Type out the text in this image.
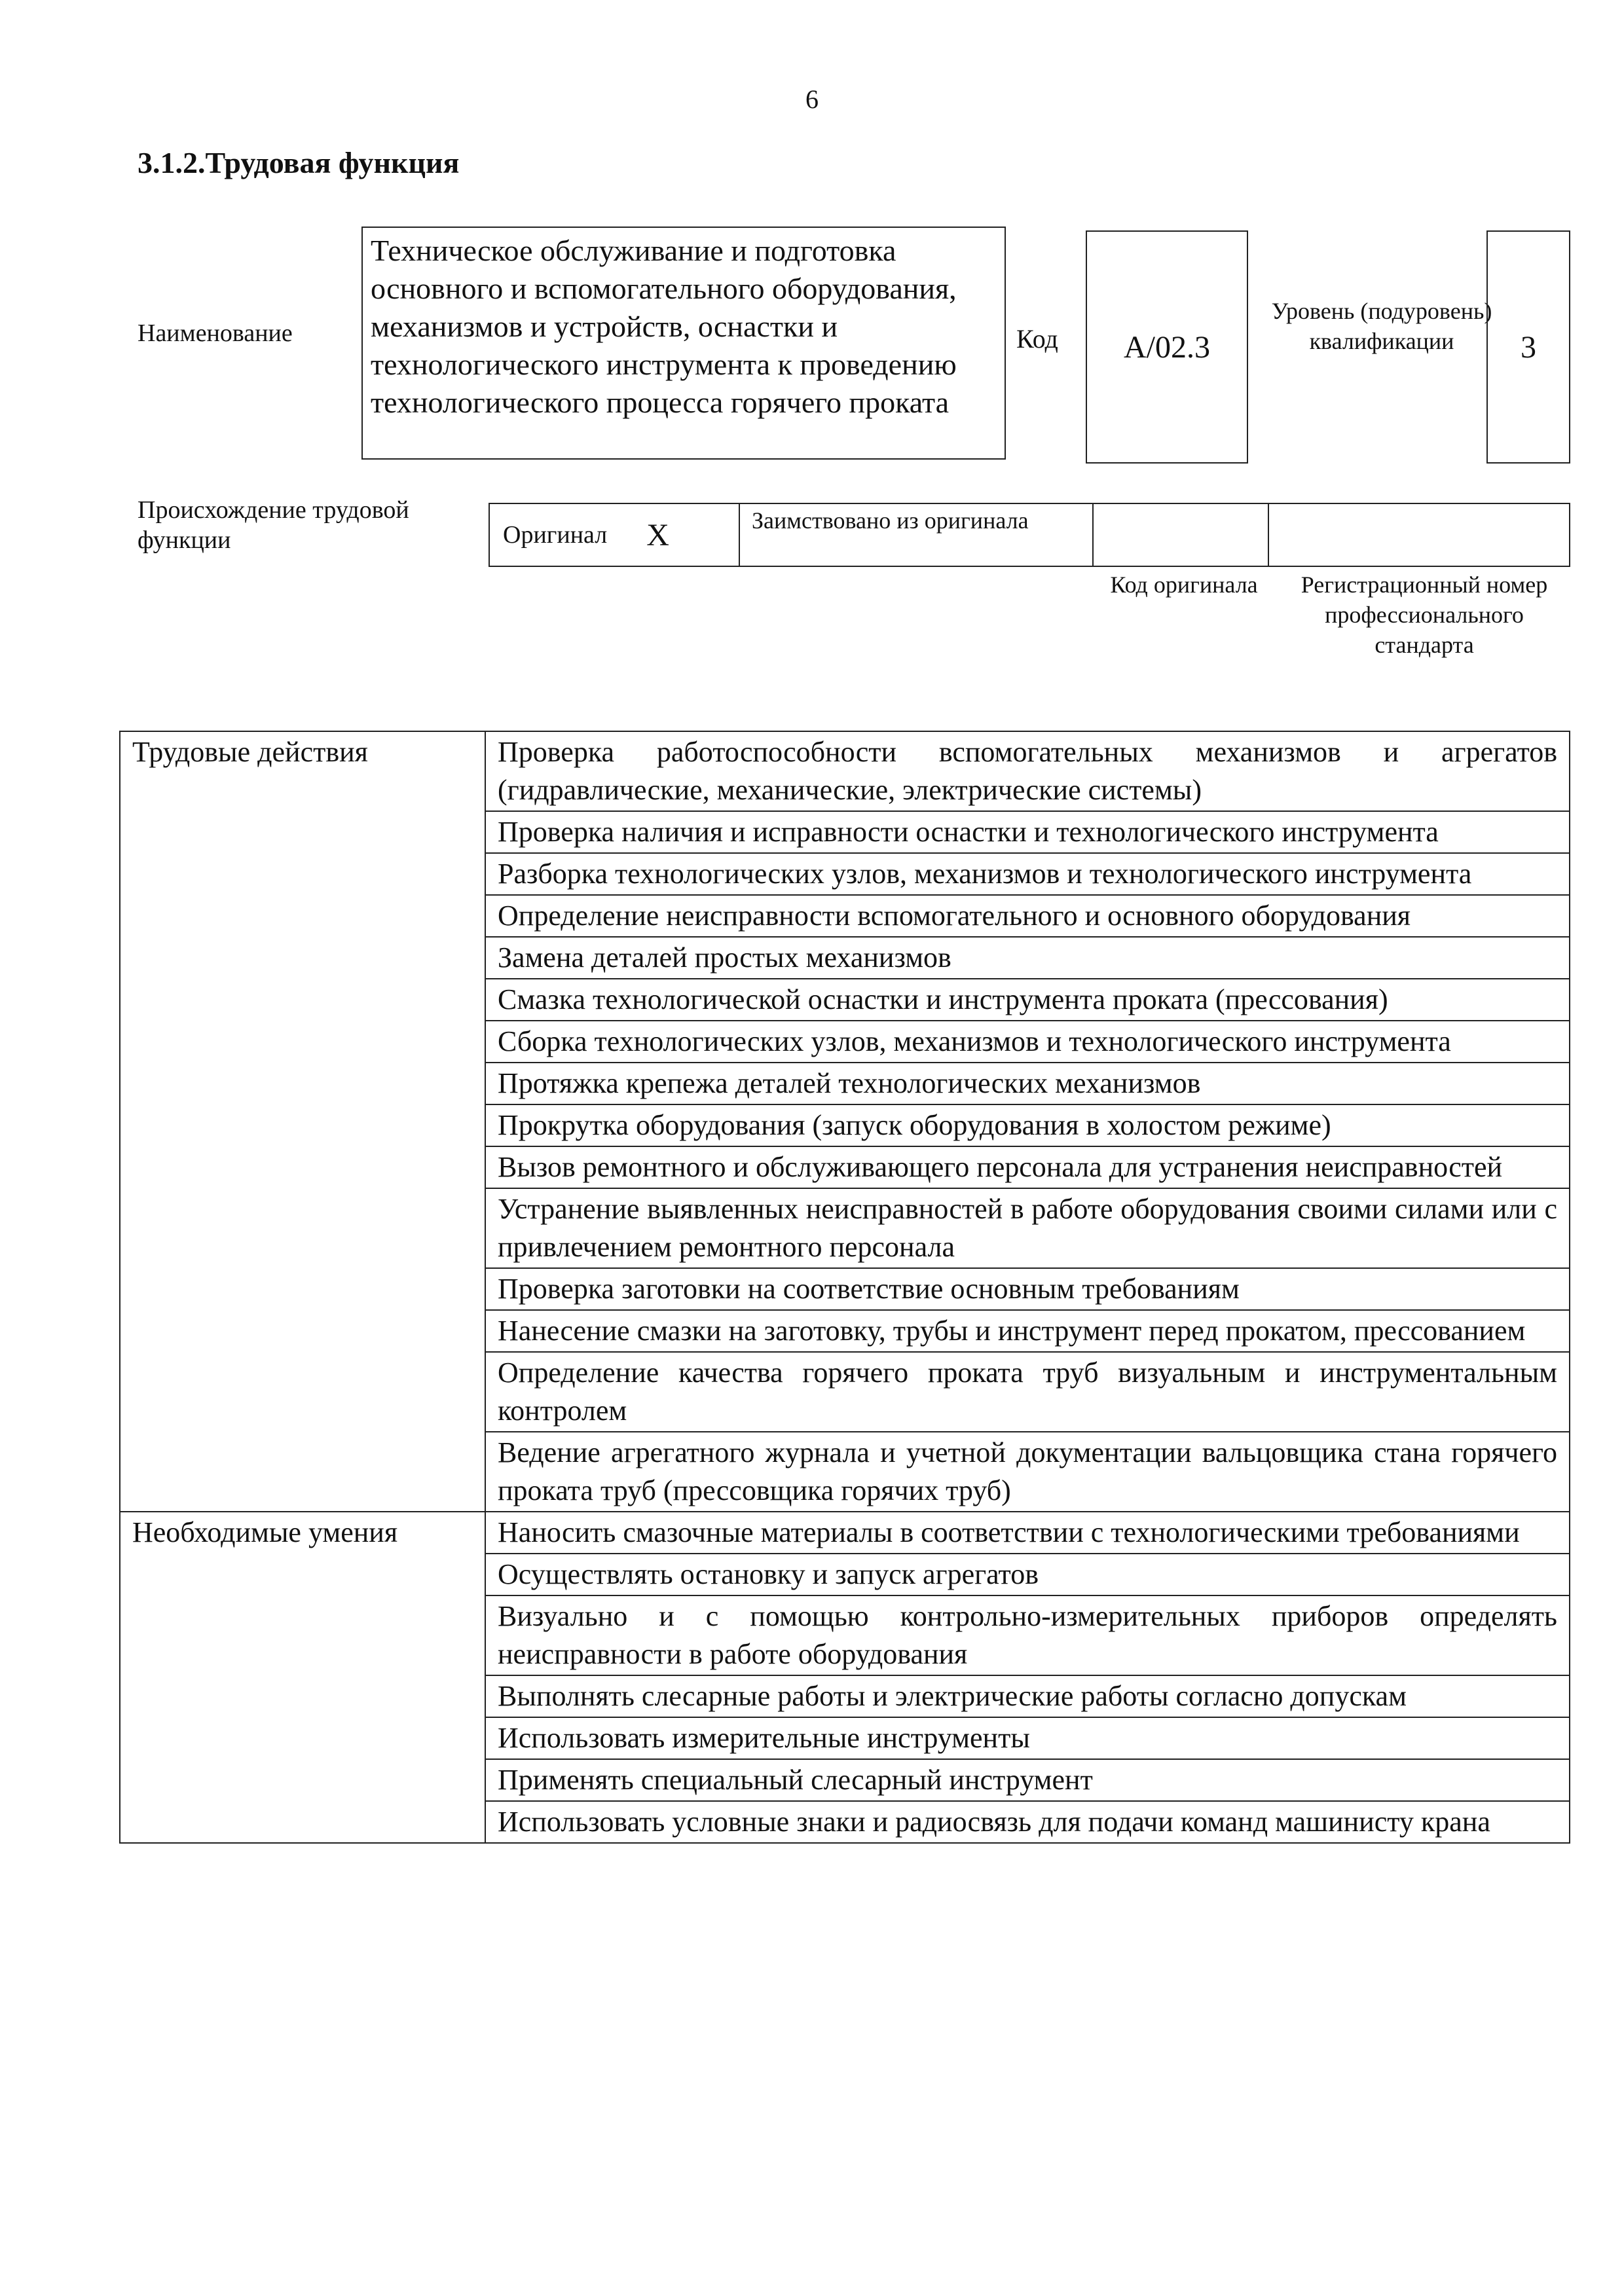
6
3.1.2.Трудовая функция
Наименование
Техническое обслуживание и подготовка основного и вспомогательного оборудования, механизмов и устройств, оснастки и технологического инструмента к проведению технологического процесса горячего проката
Код	A/02.3
Уровень (подуровень) квалификации	3
Происхождение трудовой функции	Оригинал X	Заимствовано из оригинала
Код оригинала	Регистрационный номер профессионального стандарта
Трудовые действия	Проверка работоспособности вспомогательных механизмов и агрегатов (гидравлические, механические, электрические системы)
	Проверка наличия и исправности оснастки и технологического инструмента
	Разборка технологических узлов, механизмов и технологического инструмента
	Определение неисправности вспомогательного и основного оборудования
	Замена деталей простых механизмов
	Смазка технологической оснастки и инструмента проката (прессования)
	Сборка технологических узлов, механизмов и технологического инструмента
	Протяжка крепежа деталей технологических механизмов
	Прокрутка оборудования (запуск оборудования в холостом режиме)
	Вызов ремонтного и обслуживающего персонала для устранения неисправностей
	Устранение выявленных неисправностей в работе оборудования своими силами или с привлечением ремонтного персонала
	Проверка заготовки на соответствие основным требованиям
	Нанесение смазки на заготовку, трубы и инструмент перед прокатом, прессованием
	Определение качества горячего проката труб визуальным и инструментальным контролем
	Ведение агрегатного журнала и учетной документации вальцовщика стана горячего проката труб (прессовщика горячих труб)
Необходимые умения	Наносить смазочные материалы в соответствии с технологическими требованиями
	Осуществлять остановку и запуск агрегатов
	Визуально и с помощью контрольно-измерительных приборов определять неисправности в работе оборудования
	Выполнять слесарные работы и электрические работы согласно допускам
	Использовать измерительные инструменты
	Применять специальный слесарный инструмент
	Использовать условные знаки и радиосвязь для подачи команд машинисту крана
